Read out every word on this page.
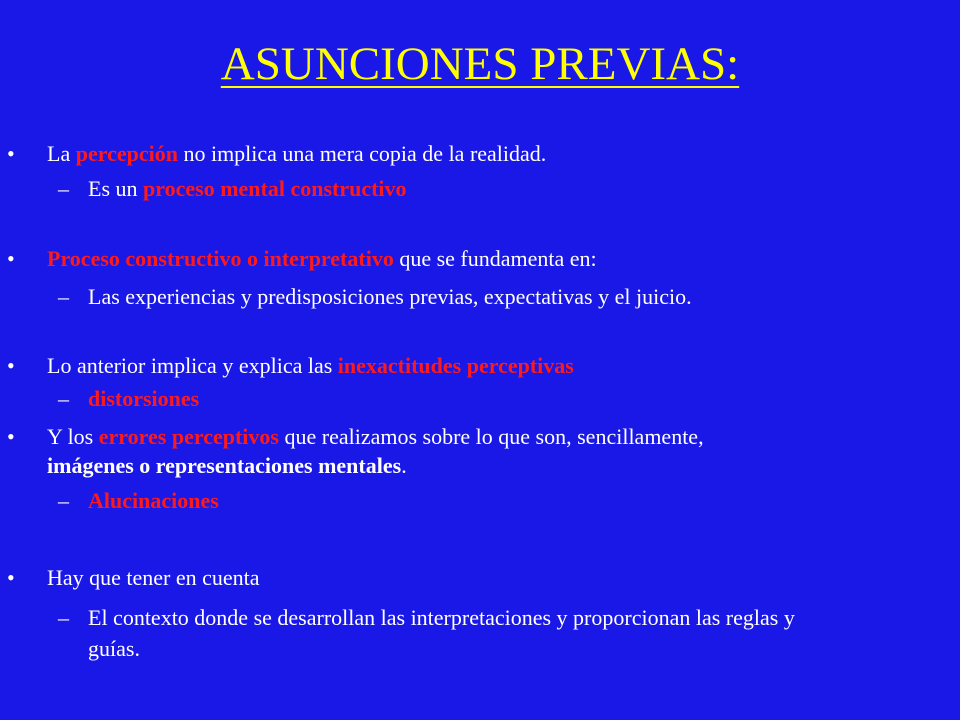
ASUNCIONES PREVIAS:
• La percepción no implica una mera copia de la realidad.
– Es un proceso mental constructivo
• Proceso constructivo o interpretativo que se fundamenta en:
– Las experiencias y predisposiciones previas, expectativas y el juicio.
• Lo anterior implica y explica las inexactitudes perceptivas
– distorsiones
• Y los errores perceptivos que realizamos sobre lo que son, sencillamente,
imágenes o representaciones mentales.
– Alucinaciones
• Hay que tener en cuenta
– El contexto donde se desarrollan las interpretaciones y proporcionan las reglas y
guías.
